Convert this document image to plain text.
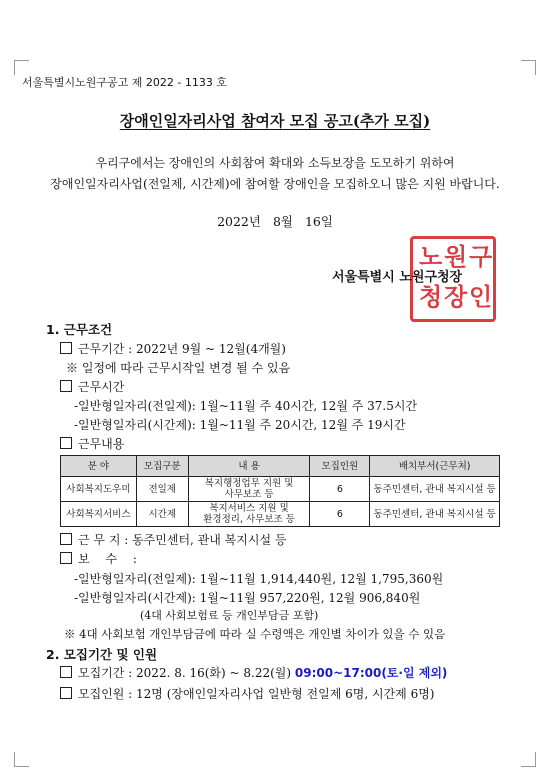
서울특별시노원구공고 제 2022 - 1133 호
장애인일자리사업 참여자 모집 공고(추가 모집)
우리구에서는 장애인의 사회참여 확대와 소득보장을 도모하기 위하여
장애인일자리사업(전일제, 시간제)에 참여할 장애인을 모집하오니 많은 지원 바랍니다.
2022년 8월 16일
노 원 구
청 장 인
서울특별시 노원구청장
1. 근무조건
근무기간 : 2022년 9월 ~ 12월(4개월)
※ 일정에 따라 근무시작일 변경 될 수 있음
근무시간
-일반형일자리(전일제): 1월~11월 주 40시간, 12월 주 37.5시간
-일반형일자리(시간제): 1월~11월 주 20시간, 12월 주 19시간
근무내용
분 야	모집구분	내 용	모집인원	배치부서(근무처)
사회복지도우미	전일제	복지행정업무 지원 및
사무보조 등	6	동주민센터, 관내 복지시설 등
사회복지서비스	시간제	복지서비스 지원 및
환경정리, 사무보조 등	6	동주민센터, 관내 복지시설 등
근 무 지 : 동주민센터, 관내 복지시설 등
보 수 :
-일반형일자리(전일제): 1월~11월 1,914,440원, 12월 1,795,360원
-일반형일자리(시간제): 1월~11월 957,220원, 12월 906,840원
(4대 사회보험료 등 개인부담금 포함)
※ 4대 사회보험 개인부담금에 따라 실 수령액은 개인별 차이가 있을 수 있음
2. 모집기간 및 인원
모집기간 : 2022. 8. 16(화) ~ 8.22(월) 09:00~17:00(토·일 제외)
모집인원 : 12명 (장애인일자리사업 일반형 전일제 6명, 시간제 6명)
